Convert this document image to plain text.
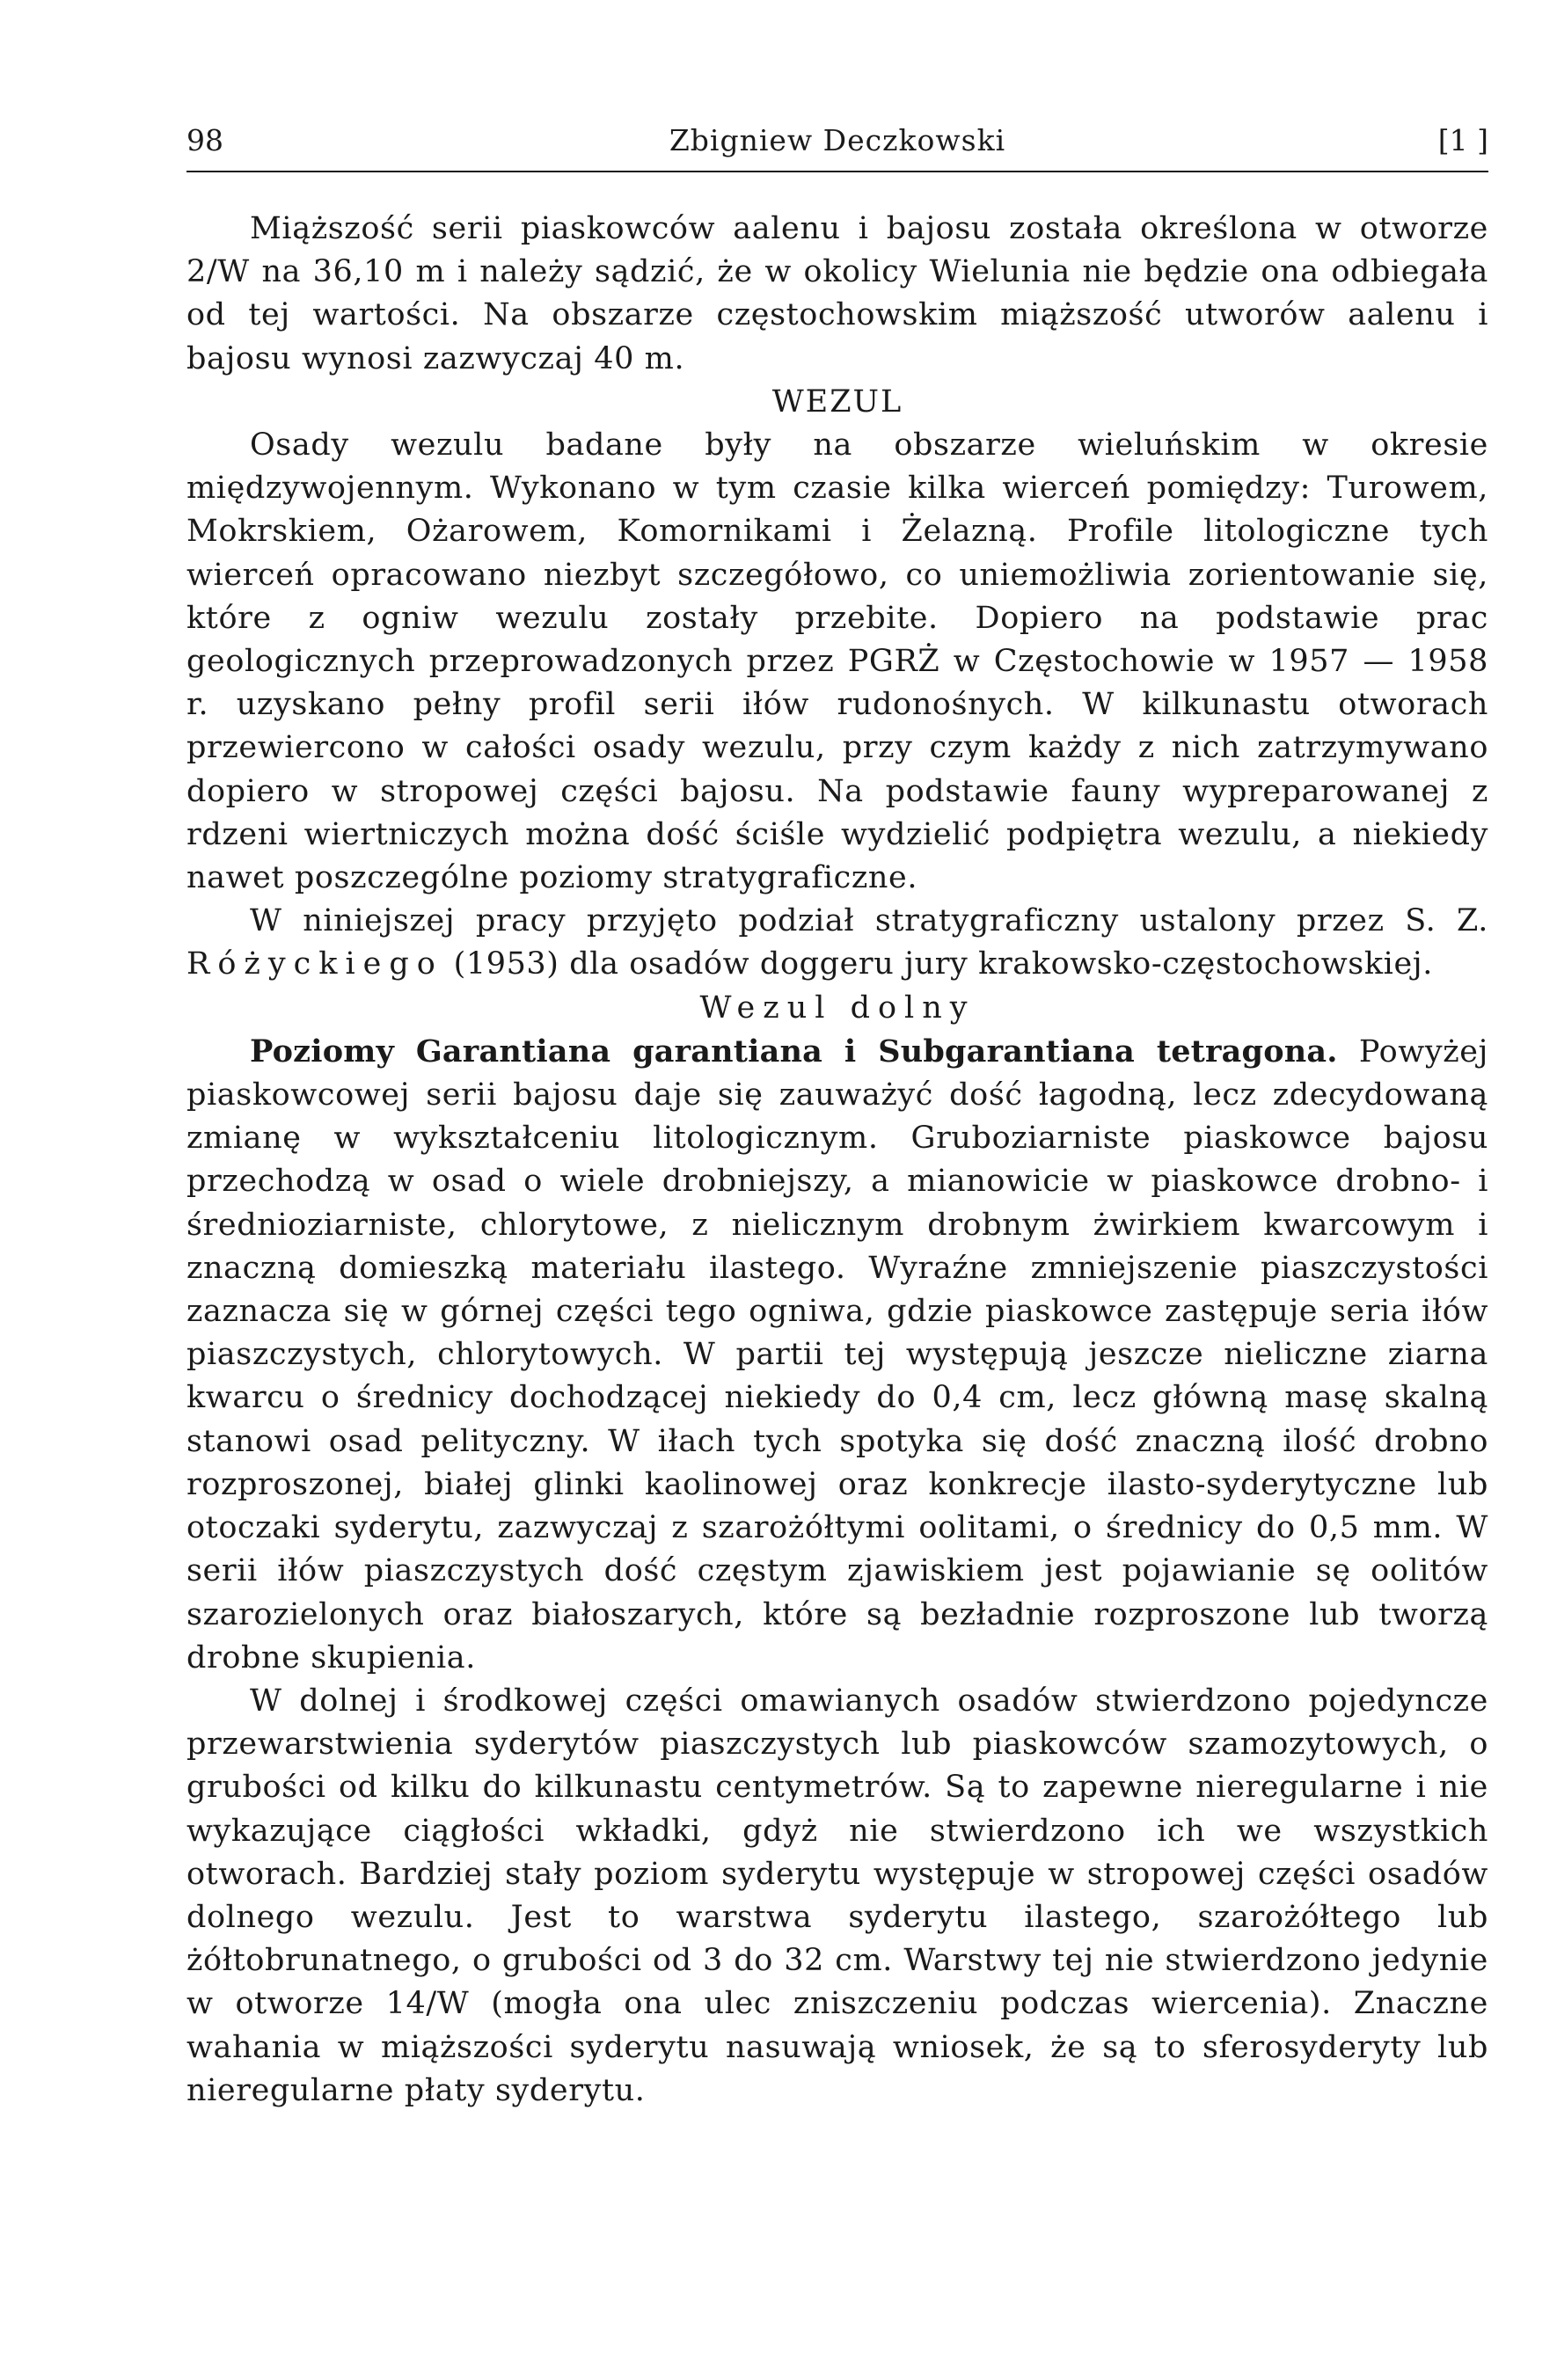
98	Zbigniew Deczkowski	[1 ]

Miąższość serii piaskowców aalenu i bajosu została określona w otworze 2/W na 36,10 m i należy sądzić, że w okolicy Wielunia nie będzie ona odbiegała od tej wartości. Na obszarze częstochowskim miąższość utworów aalenu i bajosu wynosi zazwyczaj 40 m.

WEZUL

Osady wezulu badane były na obszarze wieluńskim w okresie międzywojennym. Wykonano w tym czasie kilka wierceń pomiędzy: Turowem, Mokrskiem, Ożarowem, Komornikami i Żelazną. Profile litologiczne tych wierceń opracowano niezbyt szczegółowo, co uniemożliwia zorientowanie się, które z ogniw wezulu zostały przebite. Dopiero na podstawie prac geologicznych przeprowadzonych przez PGRŻ w Częstochowie w 1957 — 1958 r. uzyskano pełny profil serii iłów rudonośnych. W kilkunastu otworach przewiercono w całości osady wezulu, przy czym każdy z nich zatrzymywano dopiero w stropowej części bajosu. Na podstawie fauny wypreparowanej z rdzeni wiertniczych można dość ściśle wydzielić podpiętra wezulu, a niekiedy nawet poszczególne poziomy stratygraficzne.

W niniejszej pracy przyjęto podział stratygraficzny ustalony przez S. Z. Różyckiego (1953) dla osadów doggeru jury krakowsko-częstochowskiej.

Wezul dolny

Poziomy Garantiana garantiana i Subgarantiana tetragona. Powyżej piaskowcowej serii bajosu daje się zauważyć dość łagodną, lecz zdecydowaną zmianę w wykształceniu litologicznym. Gruboziarniste piaskowce bajosu przechodzą w osad o wiele drobniejszy, a mianowicie w piaskowce drobno- i średnioziarniste, chlorytowe, z nielicznym drobnym żwirkiem kwarcowym i znaczną domieszką materiału ilastego. Wyraźne zmniejszenie piaszczystości zaznacza się w górnej części tego ogniwa, gdzie piaskowce zastępuje seria iłów piaszczystych, chlorytowych. W partii tej występują jeszcze nieliczne ziarna kwarcu o średnicy dochodzącej niekiedy do 0,4 cm, lecz główną masę skalną stanowi osad pelityczny. W iłach tych spotyka się dość znaczną ilość drobno rozproszonej, białej glinki kaolinowej oraz konkrecje ilasto-syderytyczne lub otoczaki syderytu, zazwyczaj z szarożółtymi oolitami, o średnicy do 0,5 mm. W serii iłów piaszczystych dość częstym zjawiskiem jest pojawianie sę oolitów szarozielonych oraz białoszarych, które są bezładnie rozproszone lub tworzą drobne skupienia.

W dolnej i środkowej części omawianych osadów stwierdzono pojedyncze przewarstwienia syderytów piaszczystych lub piaskowców szamozytowych, o grubości od kilku do kilkunastu centymetrów. Są to zapewne nieregularne i nie wykazujące ciągłości wkładki, gdyż nie stwierdzono ich we wszystkich otworach. Bardziej stały poziom syderytu występuje w stropowej części osadów dolnego wezulu. Jest to warstwa syderytu ilastego, szarożółtego lub żółtobrunatnego, o grubości od 3 do 32 cm. Warstwy tej nie stwierdzono jedynie w otworze 14/W (mogła ona ulec zniszczeniu podczas wiercenia). Znaczne wahania w miąższości syderytu nasuwają wniosek, że są to sferosyderyty lub nieregularne płaty syderytu.
